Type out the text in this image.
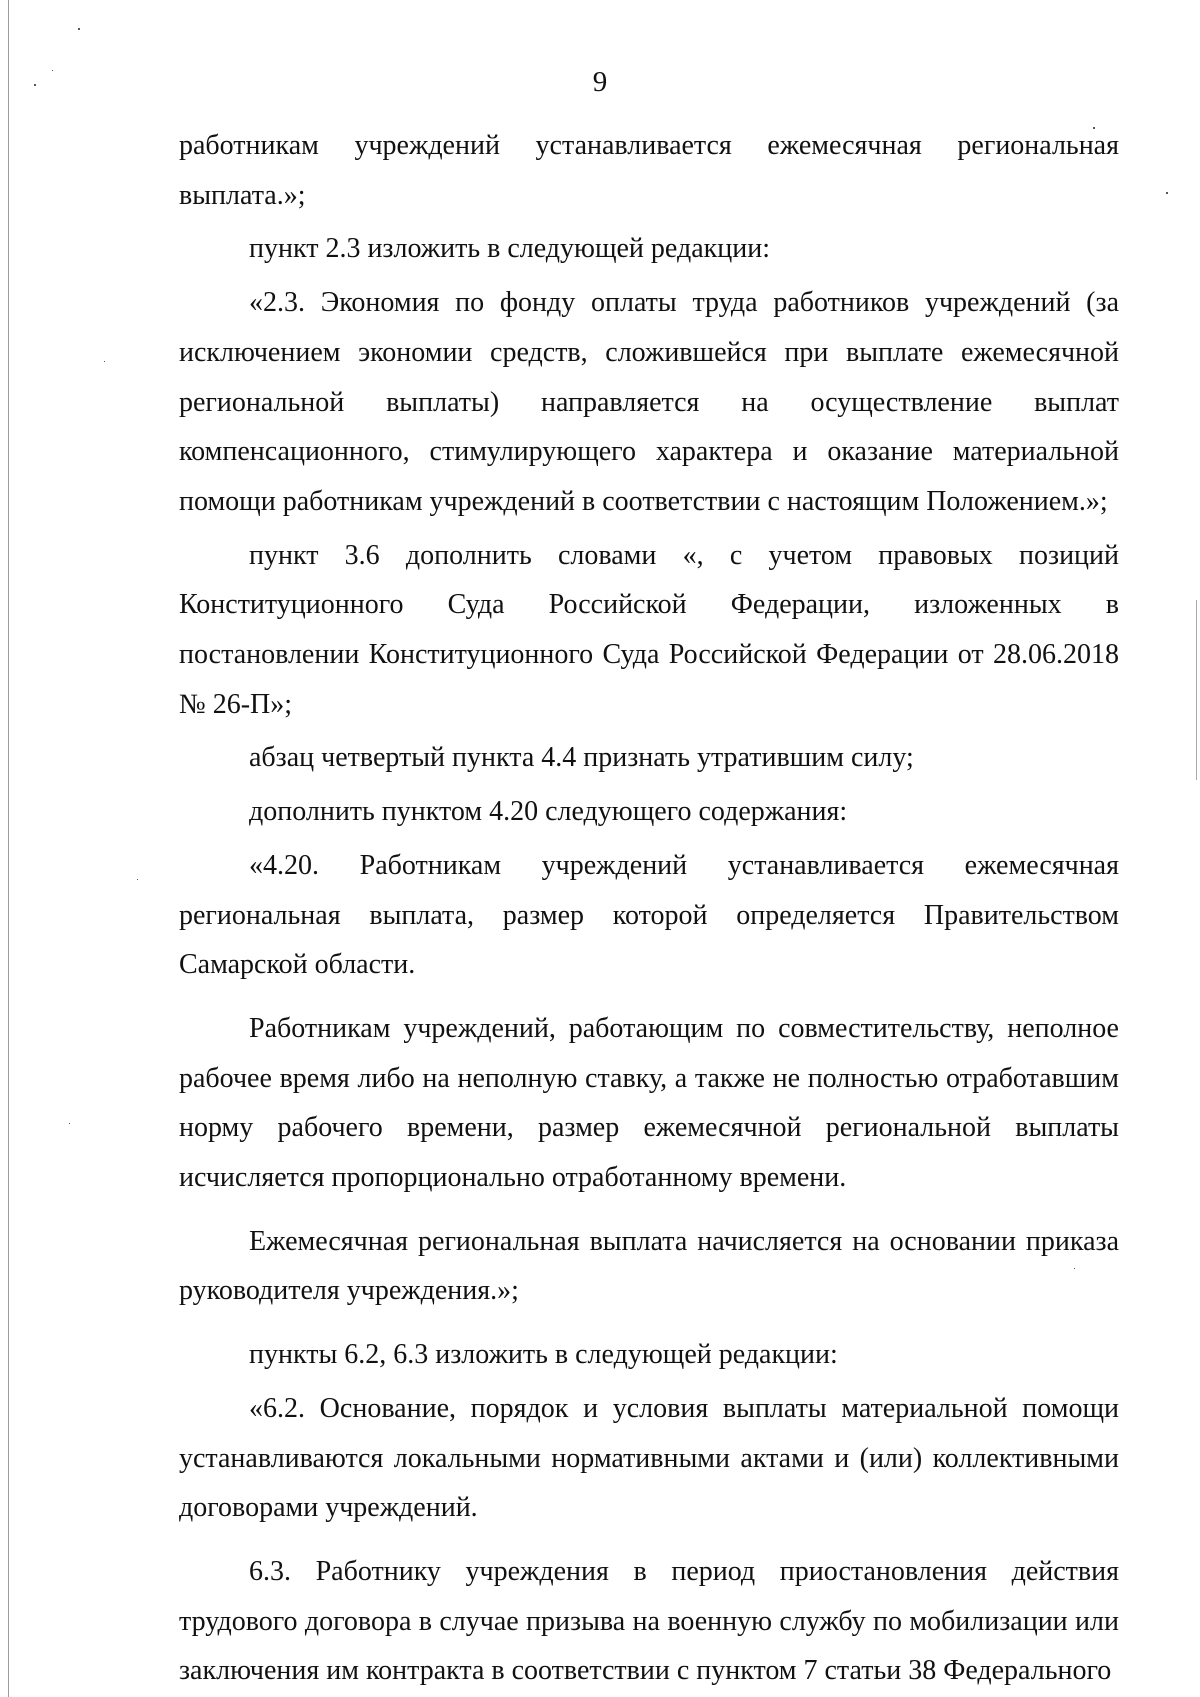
9

работникам учреждений устанавливается ежемесячная региональная выплата.»;

пункт 2.3 изложить в следующей редакции:

«2.3. Экономия по фонду оплаты труда работников учреждений (за исключением экономии средств, сложившейся при выплате ежемесячной региональной выплаты) направляется на осуществление выплат компенсационного, стимулирующего характера и оказание материальной помощи работникам учреждений в соответствии с настоящим Положением.»;

пункт 3.6 дополнить словами «, с учетом правовых позиций Конституционного Суда Российской Федерации, изложенных в постановлении Конституционного Суда Российской Федерации от 28.06.2018 № 26-П»;

абзац четвертый пункта 4.4 признать утратившим силу;

дополнить пунктом 4.20 следующего содержания:

«4.20. Работникам учреждений устанавливается ежемесячная региональная выплата, размер которой определяется Правительством Самарской области.

Работникам учреждений, работающим по совместительству, неполное рабочее время либо на неполную ставку, а также не полностью отработавшим норму рабочего времени, размер ежемесячной региональной выплаты исчисляется пропорционально отработанному времени.

Ежемесячная региональная выплата начисляется на основании приказа руководителя учреждения.»;

пункты 6.2, 6.3 изложить в следующей редакции:

«6.2. Основание, порядок и условия выплаты материальной помощи устанавливаются локальными нормативными актами и (или) коллективными договорами учреждений.

6.3. Работнику учреждения в период приостановления действия трудового договора в случае призыва на военную службу по мобилизации или заключения им контракта в соответствии с пунктом 7 статьи 38 Федерального
